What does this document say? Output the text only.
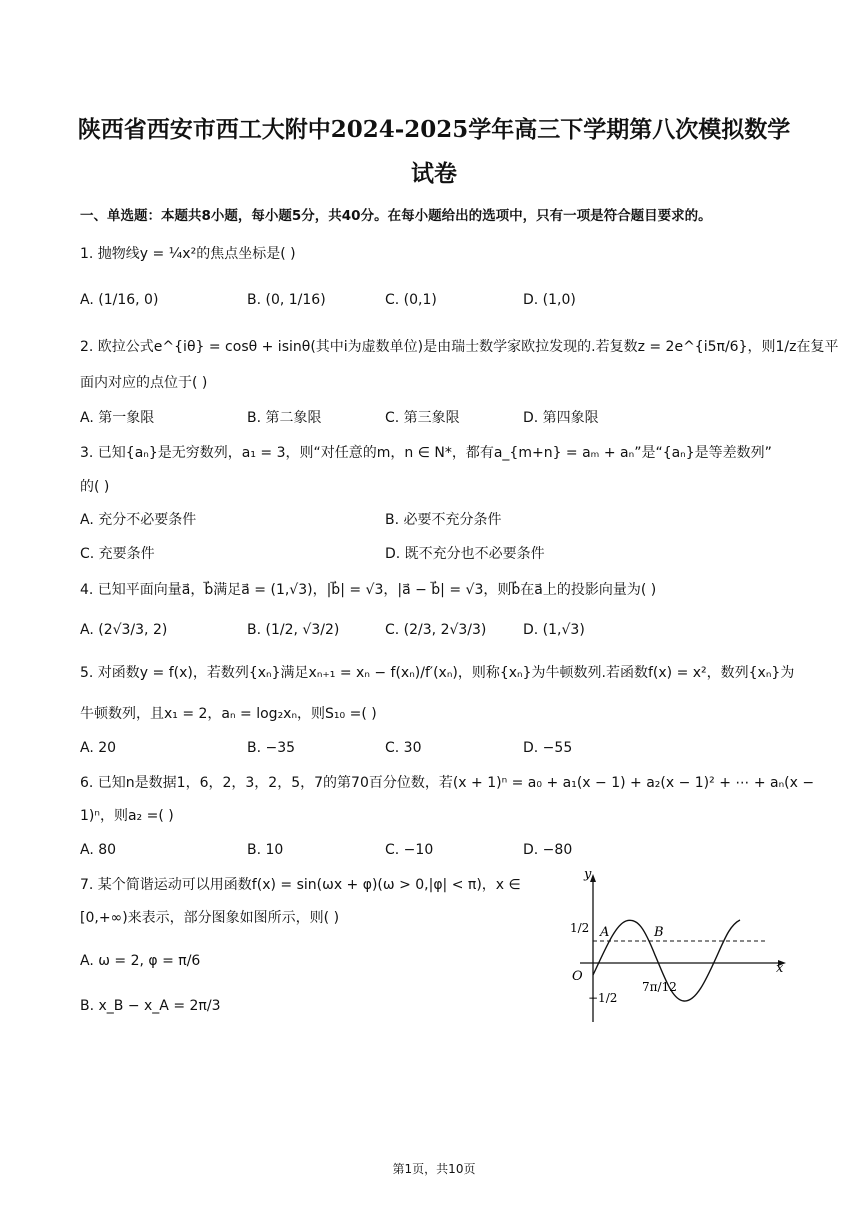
陕西省西安市西工大附中2024-2025学年高三下学期第八次模拟数学
试卷
一、单选题：本题共8小题，每小题5分，共40分。在每小题给出的选项中，只有一项是符合题目要求的。
1. 抛物线y = ¼x²的焦点坐标是( )
A. (1/16, 0)	B. (0, 1/16)	C. (0,1)	D. (1,0)
2. 欧拉公式e^{iθ} = cosθ + isinθ(其中i为虚数单位)是由瑞士数学家欧拉发现的.若复数z = 2e^{i5π/6}，则1/z在复平
面内对应的点位于( )
A. 第一象限	B. 第二象限	C. 第三象限	D. 第四象限
3. 已知{aₙ}是无穷数列，a₁ = 3，则“对任意的m，n ∈ N*，都有a_{m+n} = aₘ + aₙ”是“{aₙ}是等差数列”
的( )
A. 充分不必要条件	B. 必要不充分条件
C. 充要条件	D. 既不充分也不必要条件
4. 已知平面向量a⃗，b⃗满足a⃗ = (1,√3)，|b⃗| = √3，|a⃗ − b⃗| = √3，则b⃗在a⃗上的投影向量为( )
A. (2√3/3, 2)	B. (1/2, √3/2)	C. (2/3, 2√3/3)	D. (1,√3)
5. 对函数y = f(x)，若数列{xₙ}满足xₙ₊₁ = xₙ − f(xₙ)/f′(xₙ)，则称{xₙ}为牛顿数列.若函数f(x) = x²，数列{xₙ}为
牛顿数列，且x₁ = 2，aₙ = log₂xₙ，则S₁₀ =( )
A. 20	B. −35	C. 30	D. −55
6. 已知n是数据1，6，2，3，2，5，7的第70百分位数，若(x + 1)ⁿ = a₀ + a₁(x − 1) + a₂(x − 1)² + ⋯ + aₙ(x −
1)ⁿ，则a₂ =( )
A. 80	B. 10	C. −10	D. −80
7. 某个简谐运动可以用函数f(x) = sin(ωx + φ)(ω > 0,|φ| < π)，x ∈
[0,+∞)来表示，部分图象如图所示，则( )
A. ω = 2, φ = π/6
B. x_B − x_A = 2π/3
y
x
O
1/2
−1/2
7π/12
A	B
第1页，共10页
